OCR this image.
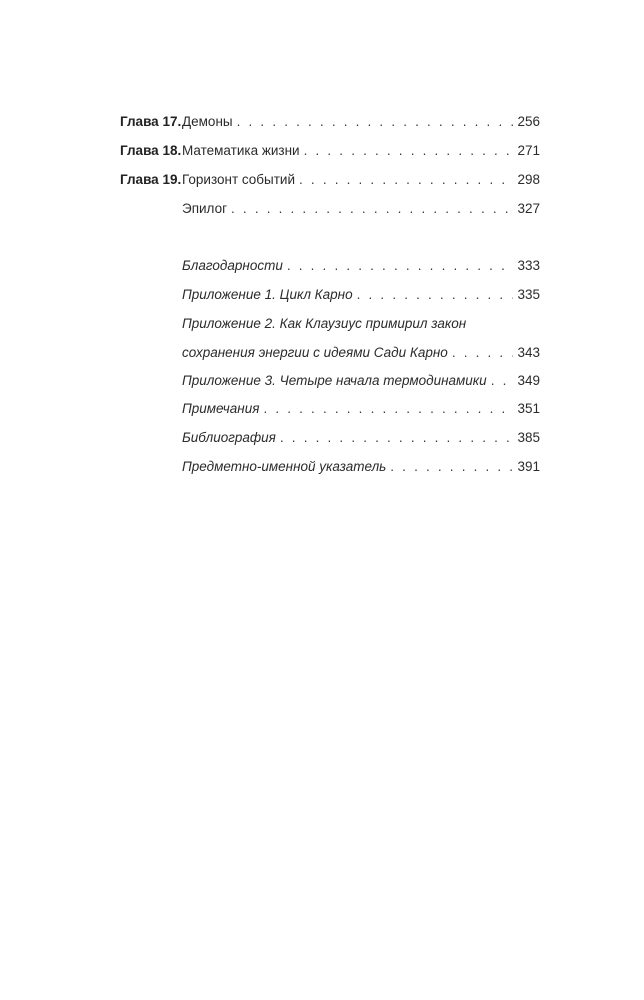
Глава 17. Демоны . . .	256
Глава 18. Математика жизни . . .	271
Глава 19. Горизонт событий . . .	298
Эпилог . . .	327
Благодарности . . .	333
Приложение 1. Цикл Карно . . .	335
Приложение 2. Как Клаузиус примирил закон
сохранения энергии с идеями Сади Карно . . .	343
Приложение 3. Четыре начала термодинамики . . . 349
Примечания . . .	351
Библиография . . .	385
Предметно-именной указатель . . .	391
